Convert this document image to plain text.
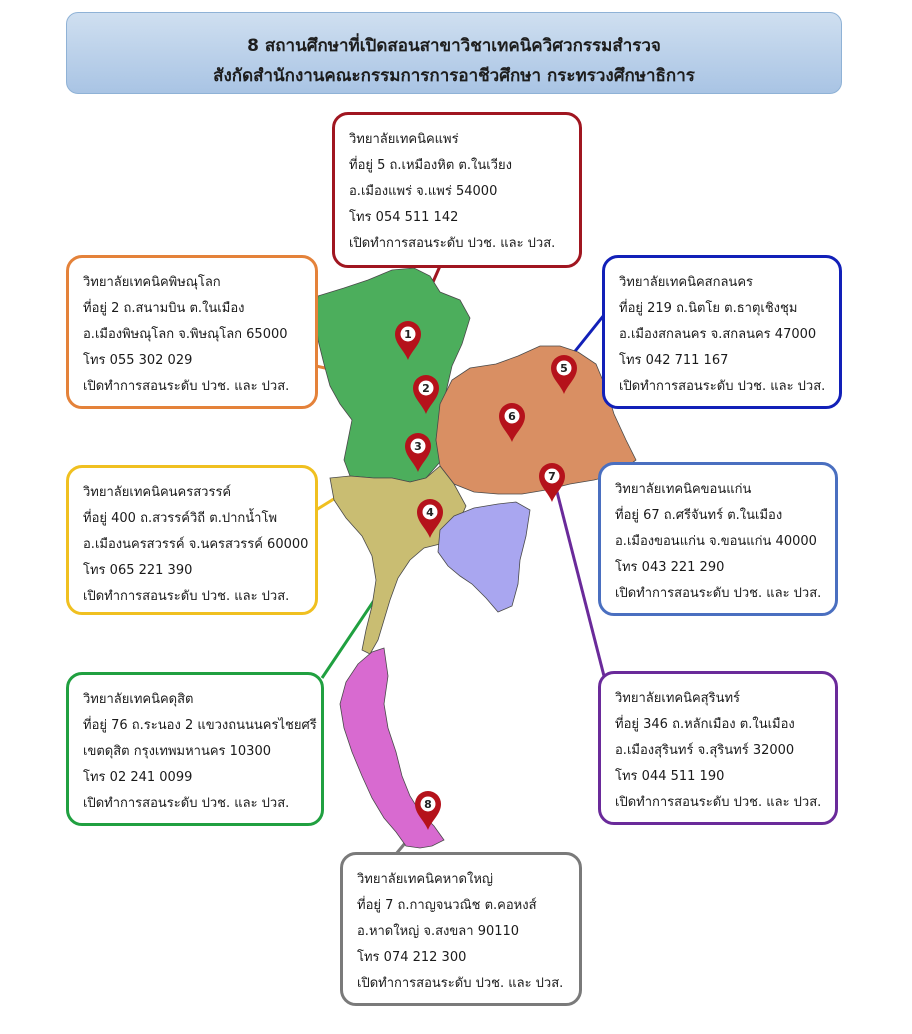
8 สถานศึกษาที่เปิดสอนสาขาวิชาเทคนิควิศวกรรมสำรวจ
สังกัดสำนักงานคณะกรรมการการอาชีวศึกษา กระทรวงศึกษาธิการ
1
2
3
4
5
6
7
8
วิทยาลัยเทคนิคแพร่
ที่อยู่ 5 ถ.เหมืองหิต ต.ในเวียง
อ.เมืองแพร่ จ.แพร่ 54000
โทร 054 511 142
เปิดทำการสอนระดับ ปวช. และ ปวส.
วิทยาลัยเทคนิคพิษณุโลก
ที่อยู่ 2 ถ.สนามบิน ต.ในเมือง
อ.เมืองพิษณุโลก จ.พิษณุโลก 65000
โทร 055 302 029
เปิดทำการสอนระดับ ปวช. และ ปวส.
วิทยาลัยเทคนิคสกลนคร
ที่อยู่ 219 ถ.นิตโย ต.ธาตุเชิงชุม
อ.เมืองสกลนคร จ.สกลนคร 47000
โทร 042 711 167
เปิดทำการสอนระดับ ปวช. และ ปวส.
วิทยาลัยเทคนิคนครสวรรค์
ที่อยู่ 400 ถ.สวรรค์วิถี ต.ปากน้ำโพ
อ.เมืองนครสวรรค์ จ.นครสวรรค์ 60000
โทร 065 221 390
เปิดทำการสอนระดับ ปวช. และ ปวส.
วิทยาลัยเทคนิคขอนแก่น
ที่อยู่ 67 ถ.ศรีจันทร์ ต.ในเมือง
อ.เมืองขอนแก่น จ.ขอนแก่น 40000
โทร 043 221 290
เปิดทำการสอนระดับ ปวช. และ ปวส.
วิทยาลัยเทคนิคดุสิต
ที่อยู่ 76 ถ.ระนอง 2 แขวงถนนนครไชยศรี
เขตดุสิต กรุงเทพมหานคร 10300
โทร 02 241 0099
เปิดทำการสอนระดับ ปวช. และ ปวส.
วิทยาลัยเทคนิคสุรินทร์
ที่อยู่ 346 ถ.หลักเมือง ต.ในเมือง
อ.เมืองสุรินทร์ จ.สุรินทร์ 32000
โทร 044 511 190
เปิดทำการสอนระดับ ปวช. และ ปวส.
วิทยาลัยเทคนิคหาดใหญ่
ที่อยู่ 7 ถ.กาญจนวณิช ต.คอหงส์
อ.หาดใหญ่ จ.สงขลา 90110
โทร 074 212 300
เปิดทำการสอนระดับ ปวช. และ ปวส.
